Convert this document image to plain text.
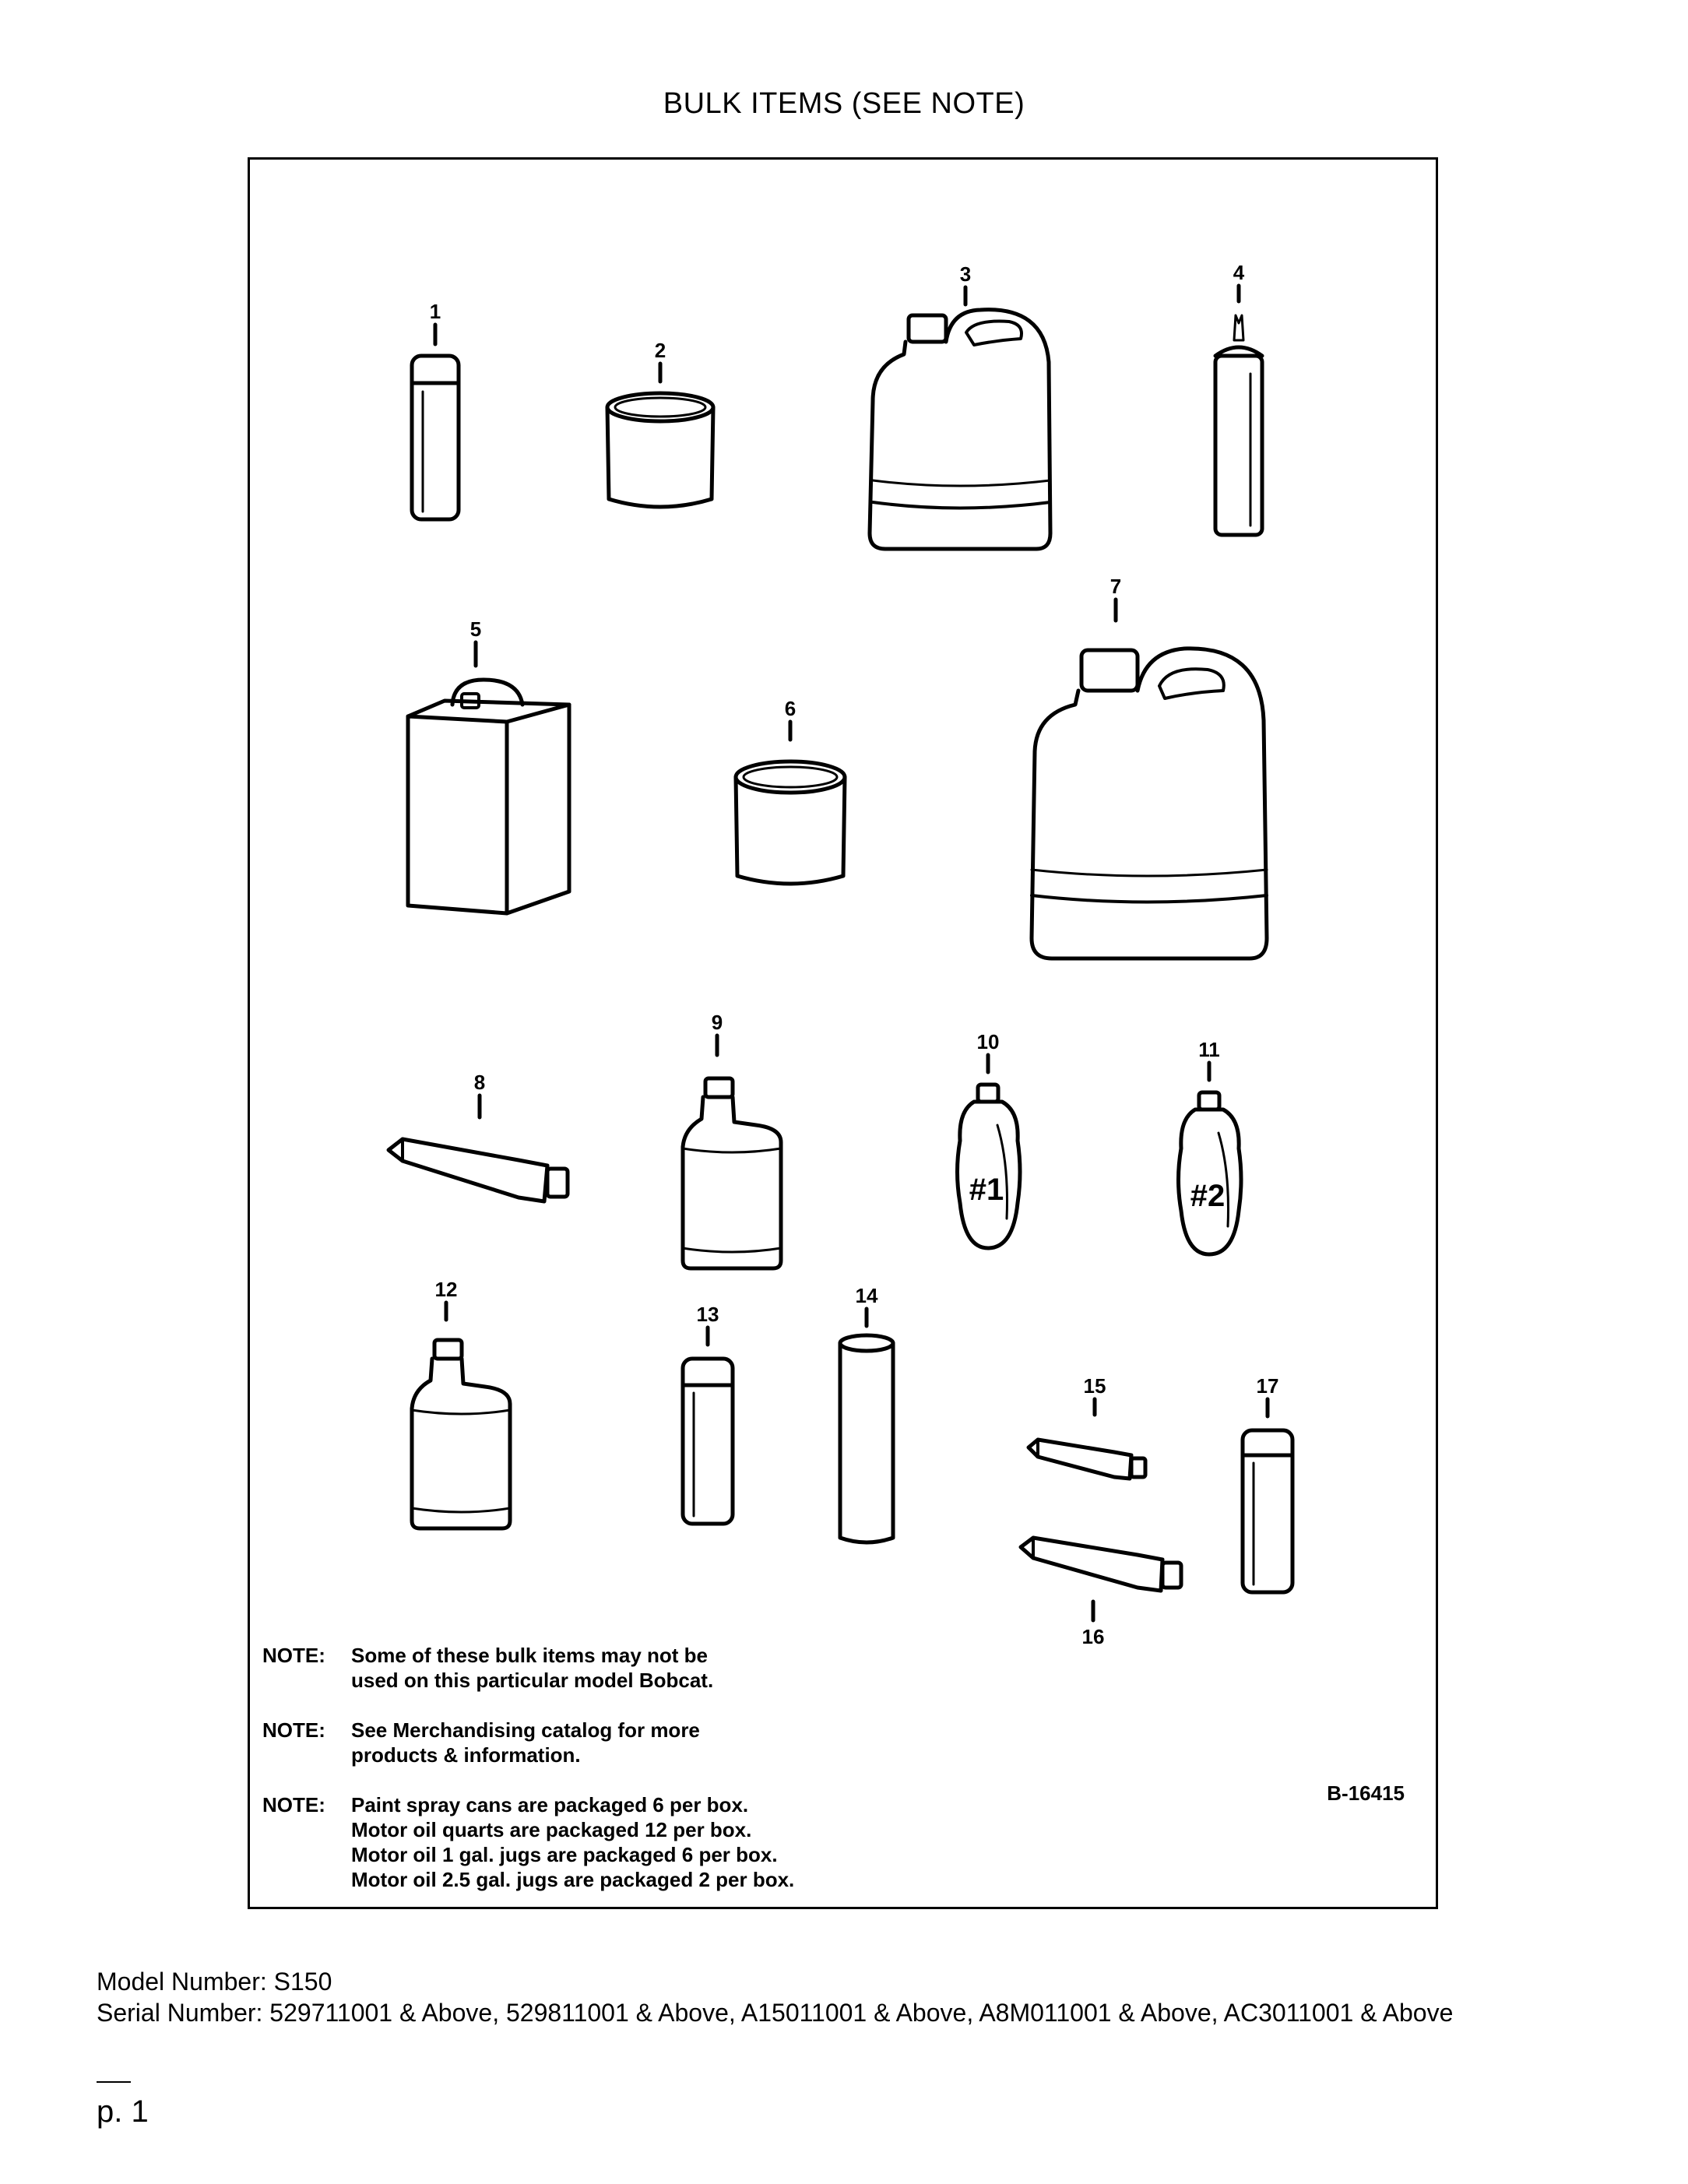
BULK ITEMS (SEE NOTE)
1
2
3	4
5
6
7
8
9
10	11
12
13
14
15
16
17
#1	#2
NOTE:	Some of these bulk items may not be
used on this particular model Bobcat.
NOTE:	See Merchandising catalog for more
products & information.
NOTE:	Paint spray cans are packaged 6 per box.
Motor oil quarts are packaged 12 per box.
Motor oil 1 gal. jugs are packaged 6 per box.
Motor oil 2.5 gal. jugs are packaged 2 per box.
B-16415
Model Number: S150
Serial Number: 529711001 & Above, 529811001 & Above, A15011001 & Above, A8M011001 & Above, AC3011001 & Above
p. 1
